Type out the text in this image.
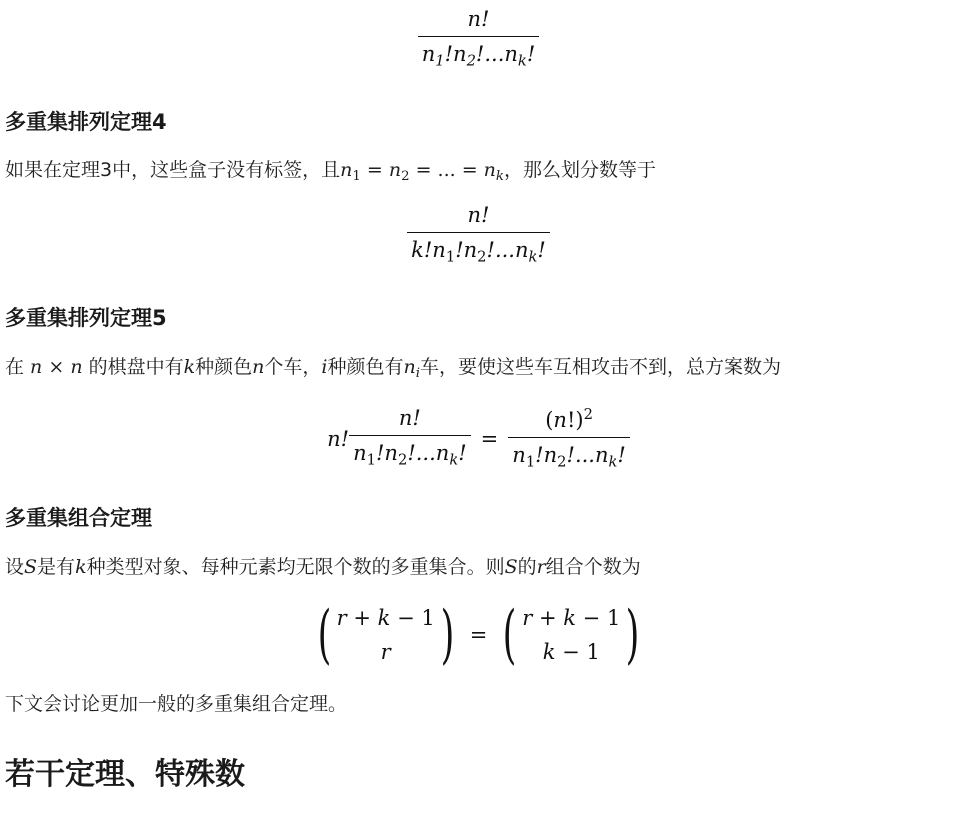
$\frac{n!}{n_1!n_2!...n_k!}$
多重集排列定理4
如果在定理3中，这些盒子没有标签，且$n_1 = n_2$ = ... = $n_k$，那么划分数等于
$\frac{n!}{k!n_1!n_2!...n_k!}$
多重集排列定理5
在 n × n 的棋盘中有k种颜色n个车，i种颜色有$n_i$车，要使这些车互相攻击不到，总方案数为
n! $\frac{n!}{n_1!n_2!...n_k!} = \frac{(n!)^2}{n_1!n_2!...n_k!}$
多重集组合定理
设S是有k种类型对象、每种元素均无限个数的多重集合。则S的r组合个数为
( r + k − 1
r ) = ( r + k − 1
k − 1 )
下文会讨论更加一般的多重集组合定理。
若干定理、特殊数
